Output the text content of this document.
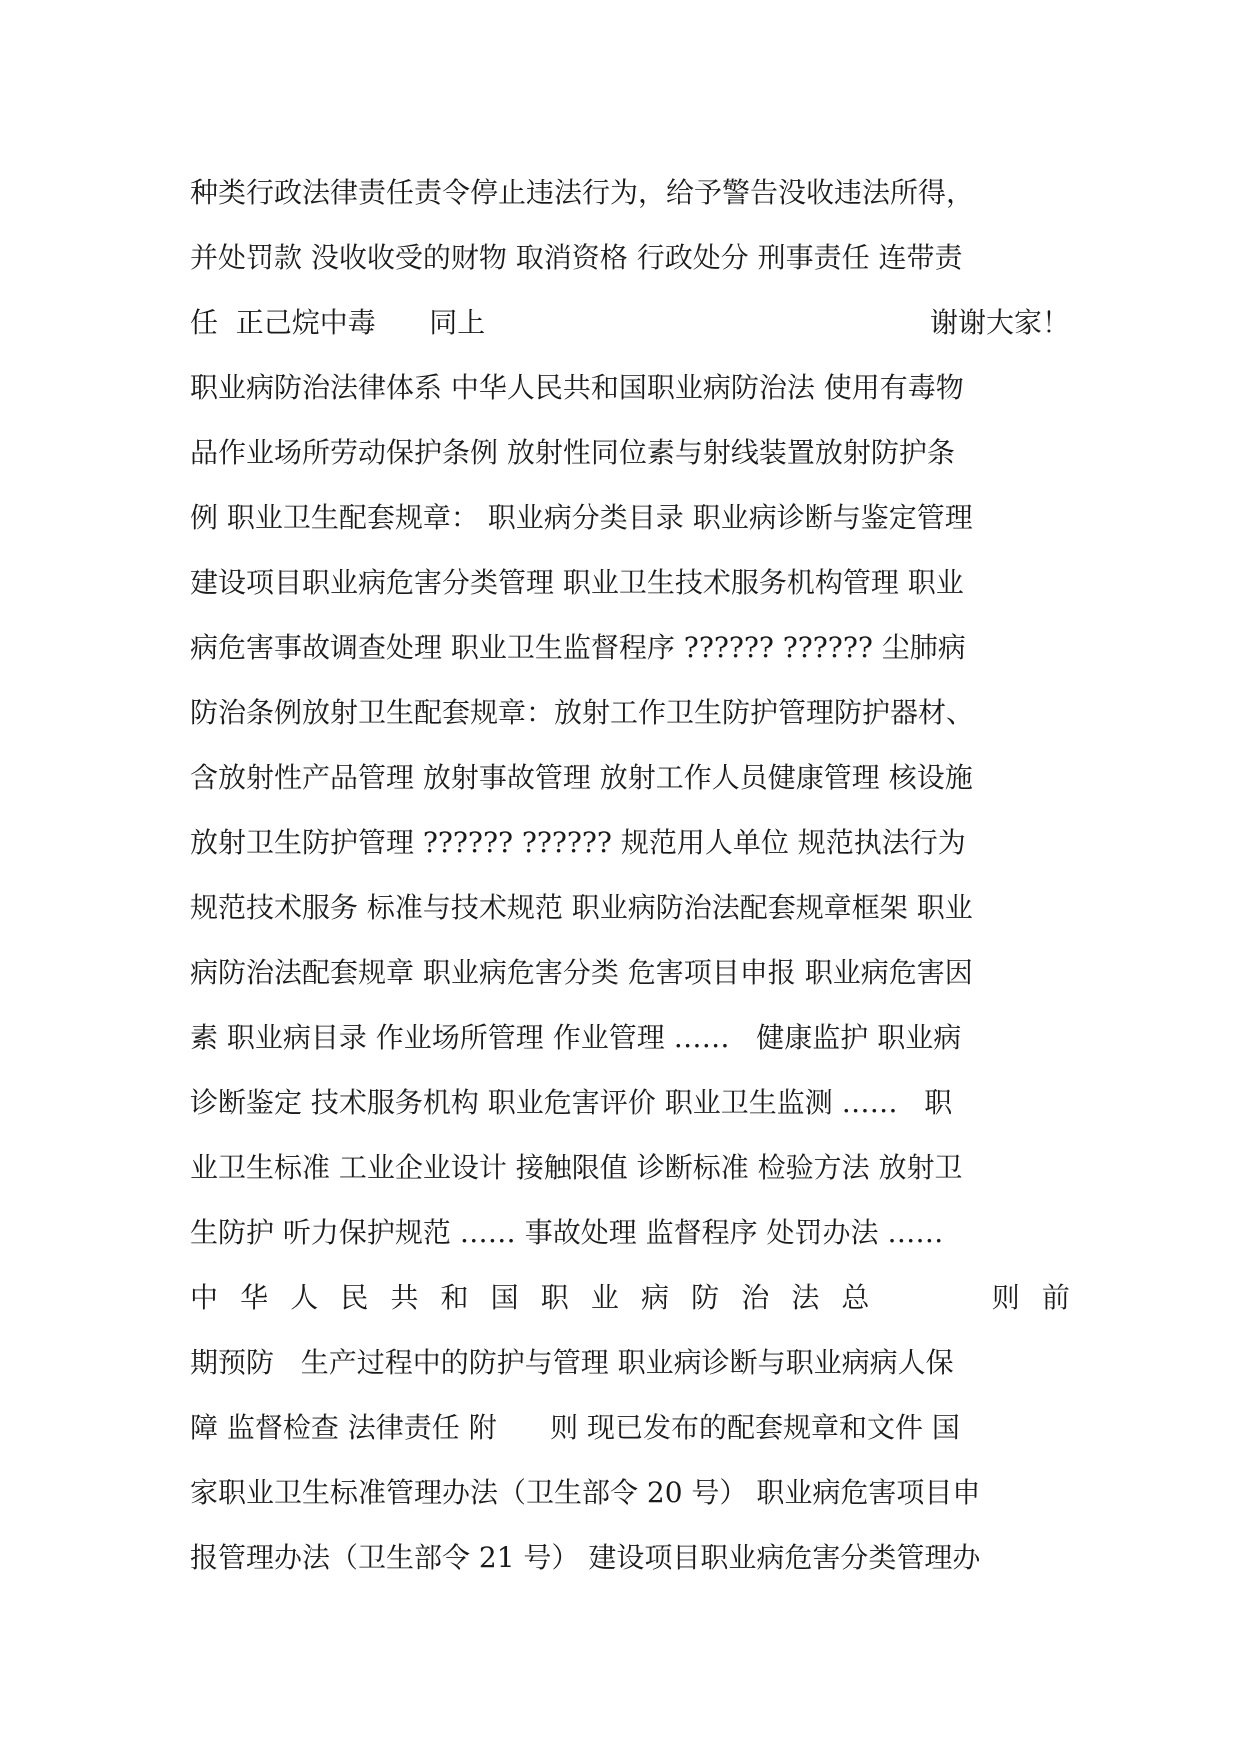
种类行政法律责任责令停止违法行为，给予警告没收违法所得，
并处罚款 没收收受的财物 取消资格 行政处分 刑事责任 连带责
任  正己烷中毒      同上	谢谢大家！
职业病防治法律体系 中华人民共和国职业病防治法 使用有毒物
品作业场所劳动保护条例 放射性同位素与射线装置放射防护条
例 职业卫生配套规章： 职业病分类目录 职业病诊断与鉴定管理
建设项目职业病危害分类管理 职业卫生技术服务机构管理 职业
病危害事故调查处理 职业卫生监督程序 ?????? ?????? 尘肺病
防治条例放射卫生配套规章：放射工作卫生防护管理防护器材、
含放射性产品管理 放射事故管理 放射工作人员健康管理 核设施
放射卫生防护管理 ?????? ?????? 规范用人单位 规范执法行为
规范技术服务 标准与技术规范 职业病防治法配套规章框架 职业
病防治法配套规章 职业病危害分类 危害项目申报 职业病危害因
素 职业病目录 作业场所管理 作业管理 ……   健康监护 职业病
诊断鉴定 技术服务机构 职业危害评价 职业卫生监测 ……   职
业卫生标准 工业企业设计 接触限值 诊断标准 检验方法 放射卫
生防护 听力保护规范 …… 事故处理 监督程序 处罚办法 ……
中 华 人 民 共 和 国 职 业 病 防 治 法 总

　	则 前
期预防   生产过程中的防护与管理 职业病诊断与职业病病人保
障 监督检查 法律责任 附      则 现已发布的配套规章和文件 国
家职业卫生标准管理办法（卫生部令 20 号） 职业病危害项目申
报管理办法（卫生部令 21 号） 建设项目职业病危害分类管理办
